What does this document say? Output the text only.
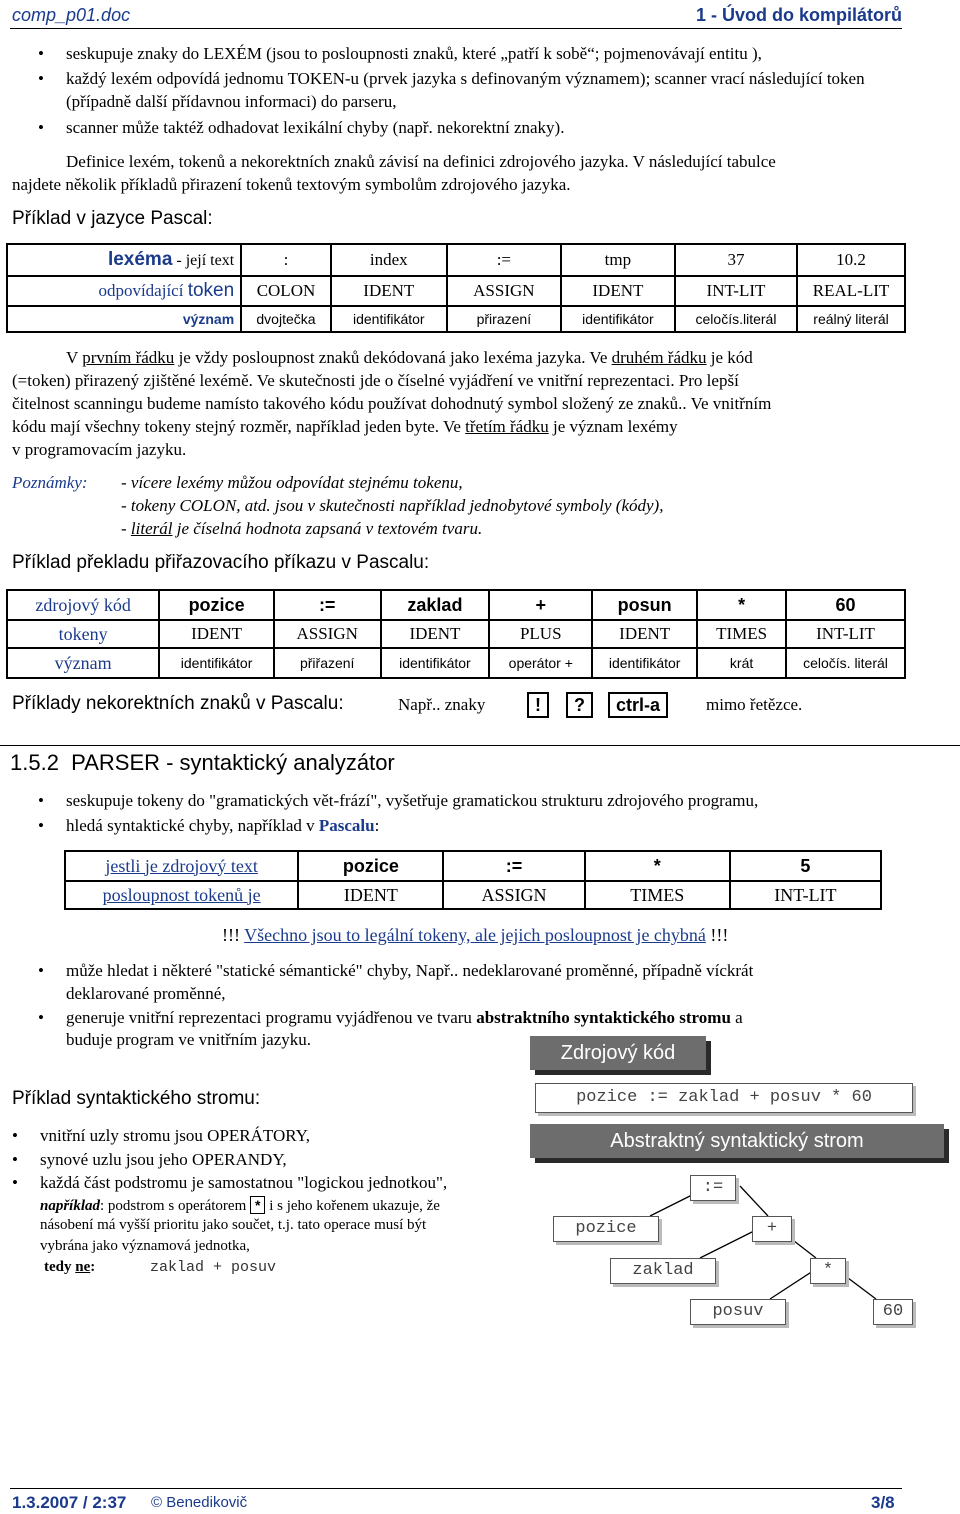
comp_p01.doc	1 - Úvod do kompilátorů
• seskupuje znaky do LEXÉM (jsou to posloupnosti znaků, které „patří k sobě“; pojmenovávají entitu ),
• každý lexém odpovídá jednomu TOKEN-u (prvek jazyka s definovaným významem); scanner vrací následující token (případně další přídavnou informaci) do parseru,
• scanner může taktéž odhadovat lexikální chyby (např. nekorektní znaky).
Definice lexém, tokenů a nekorektních znaků závisí na definici zdrojového jazyka. V následující tabulce
najdete několik příkladů přirazení tokenů textovým symbolům zdrojového jazyka.
Příklad v jazyce Pascal:
lexéma - její text	:	index	:=	tmp	37	10.2
odpovídající token	COLON	IDENT	ASSIGN	IDENT	INT-LIT	REAL-LIT
význam	dvojtečka	identifikátor	přirazení	identifikátor	celočís.literál	reálný literál
V prvním řádku je vždy posloupnost znaků dekódovaná jako lexéma jazyka. Ve druhém řádku je kód
(=token) přirazený zjištěné lexémě. Ve skutečnosti jde o číselné vyjádření ve vnitřní reprezentaci. Pro lepší
čitelnost scanningu budeme namísto takového kódu používat dohodnutý symbol složený ze znaků.. Ve vnitřním
kódu mají všechny tokeny stejný rozměr, například jeden byte. Ve třetím řádku je význam lexémy
v programovacím jazyku.
Poznámky: - vícere lexémy můžou odpovídat stejnému tokenu,
- tokeny COLON, atd. jsou v skutečnosti například jednobytové symboly (kódy),
- literál je číselná hodnota zapsaná v textovém tvaru.
Příklad překladu přiřazovacího příkazu v Pascalu:
zdrojový kód	pozice	:=	zaklad	+	posun	*	60
tokeny	IDENT	ASSIGN	IDENT	PLUS	IDENT	TIMES	INT-LIT
význam	identifikátor	přiřazení	identifikátor	operátor +	identifikátor	krát	celočís. literál
Příklady nekorektních znaků v Pascalu:	Např.. znaky	!	?	ctrl-a	mimo řetězce.
1.5.2 PARSER - syntaktický analyzátor
• seskupuje tokeny do "gramatických vět-frází", vyšetřuje gramatickou strukturu zdrojového programu,
• hledá syntaktické chyby, například v Pascalu:
jestli je zdrojový text	pozice	:=	*	5
posloupnost tokenů je	IDENT	ASSIGN	TIMES	INT-LIT
!!! Všechno jsou to legální tokeny, ale jejich posloupnost je chybná !!!
• může hledat i některé "statické sémantické" chyby, Např.. nedeklarované proměnné, případně víckrát
deklarované proměnné,
• generuje vnitřní reprezentaci programu vyjádřenou ve tvaru abstraktního syntaktického stromu a
buduje program ve vnitřním jazyku.
Příklad syntaktického stromu:
• vnitřní uzly stromu jsou OPERÁTORY,
• synové uzlu jsou jeho OPERANDY,
• každá část podstromu je samostatnou "logickou jednotkou",
například: podstrom s operátorem * i s jeho kořenem ukazuje, že
násobení má vyšší prioritu jako součet, t.j. tato operace musí být
vybrána jako významová jednotka,
tedy ne:	zaklad + posuv
Zdrojový kód
pozice := zaklad + posuv * 60
Abstraktný syntaktický strom
:=
pozice	+
zaklad	*
posuv	60
1.3.2007 / 2:37 © Benedikovič	3/8
